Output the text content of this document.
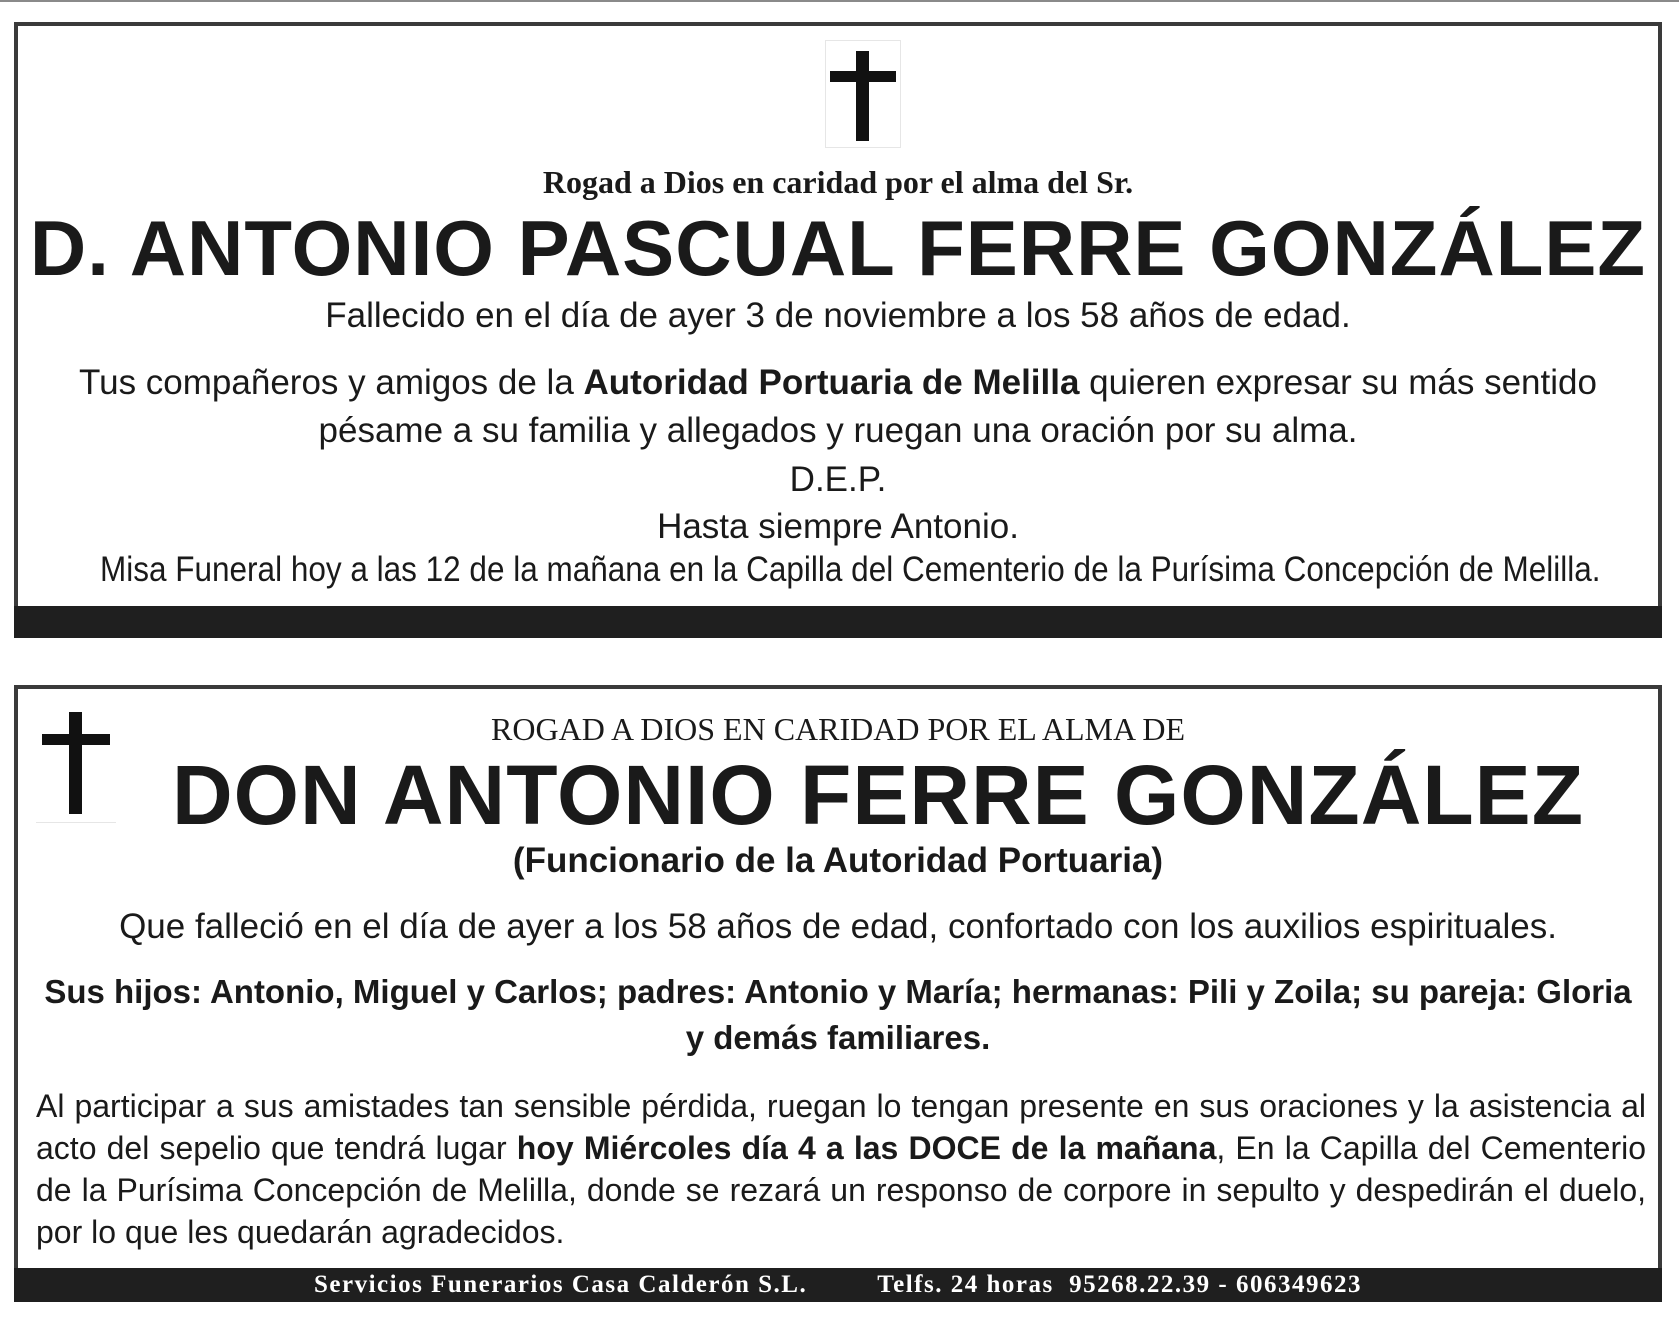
Rogad a Dios en caridad por el alma del Sr.
D. ANTONIO PASCUAL FERRE GONZÁLEZ
Fallecido en el día de ayer 3 de noviembre a los 58 años de edad.
Tus compañeros y amigos de la Autoridad Portuaria de Melilla quieren expresar su más sentido pésame a su familia y allegados y ruegan una oración por su alma.
D.E.P.
Hasta siempre Antonio.
Misa Funeral hoy a las 12 de la mañana en la Capilla del Cementerio de la Purísima Concepción de Melilla.
ROGAD A DIOS EN CARIDAD POR EL ALMA DE
DON ANTONIO FERRE GONZÁLEZ
(Funcionario de la Autoridad Portuaria)
Que falleció en el día de ayer a los 58 años de edad, confortado con los auxilios espirituales.
Sus hijos: Antonio, Miguel y Carlos; padres: Antonio y María; hermanas: Pili y Zoila; su pareja: Gloria y demás familiares.
Al participar a sus amistades tan sensible pérdida, ruegan lo tengan presente en sus oraciones y la asistencia al acto del sepelio que tendrá lugar hoy Miércoles día 4 a las DOCE de la mañana, En la Capilla del Cementerio de la Purísima Concepción de Melilla, donde se rezará un responso de corpore in sepulto y despedirán el duelo, por lo que les quedarán agradecidos.
Servicios Funerarios Casa Calderón S.L.	Telfs. 24 horas  95268.22.39 - 606349623
